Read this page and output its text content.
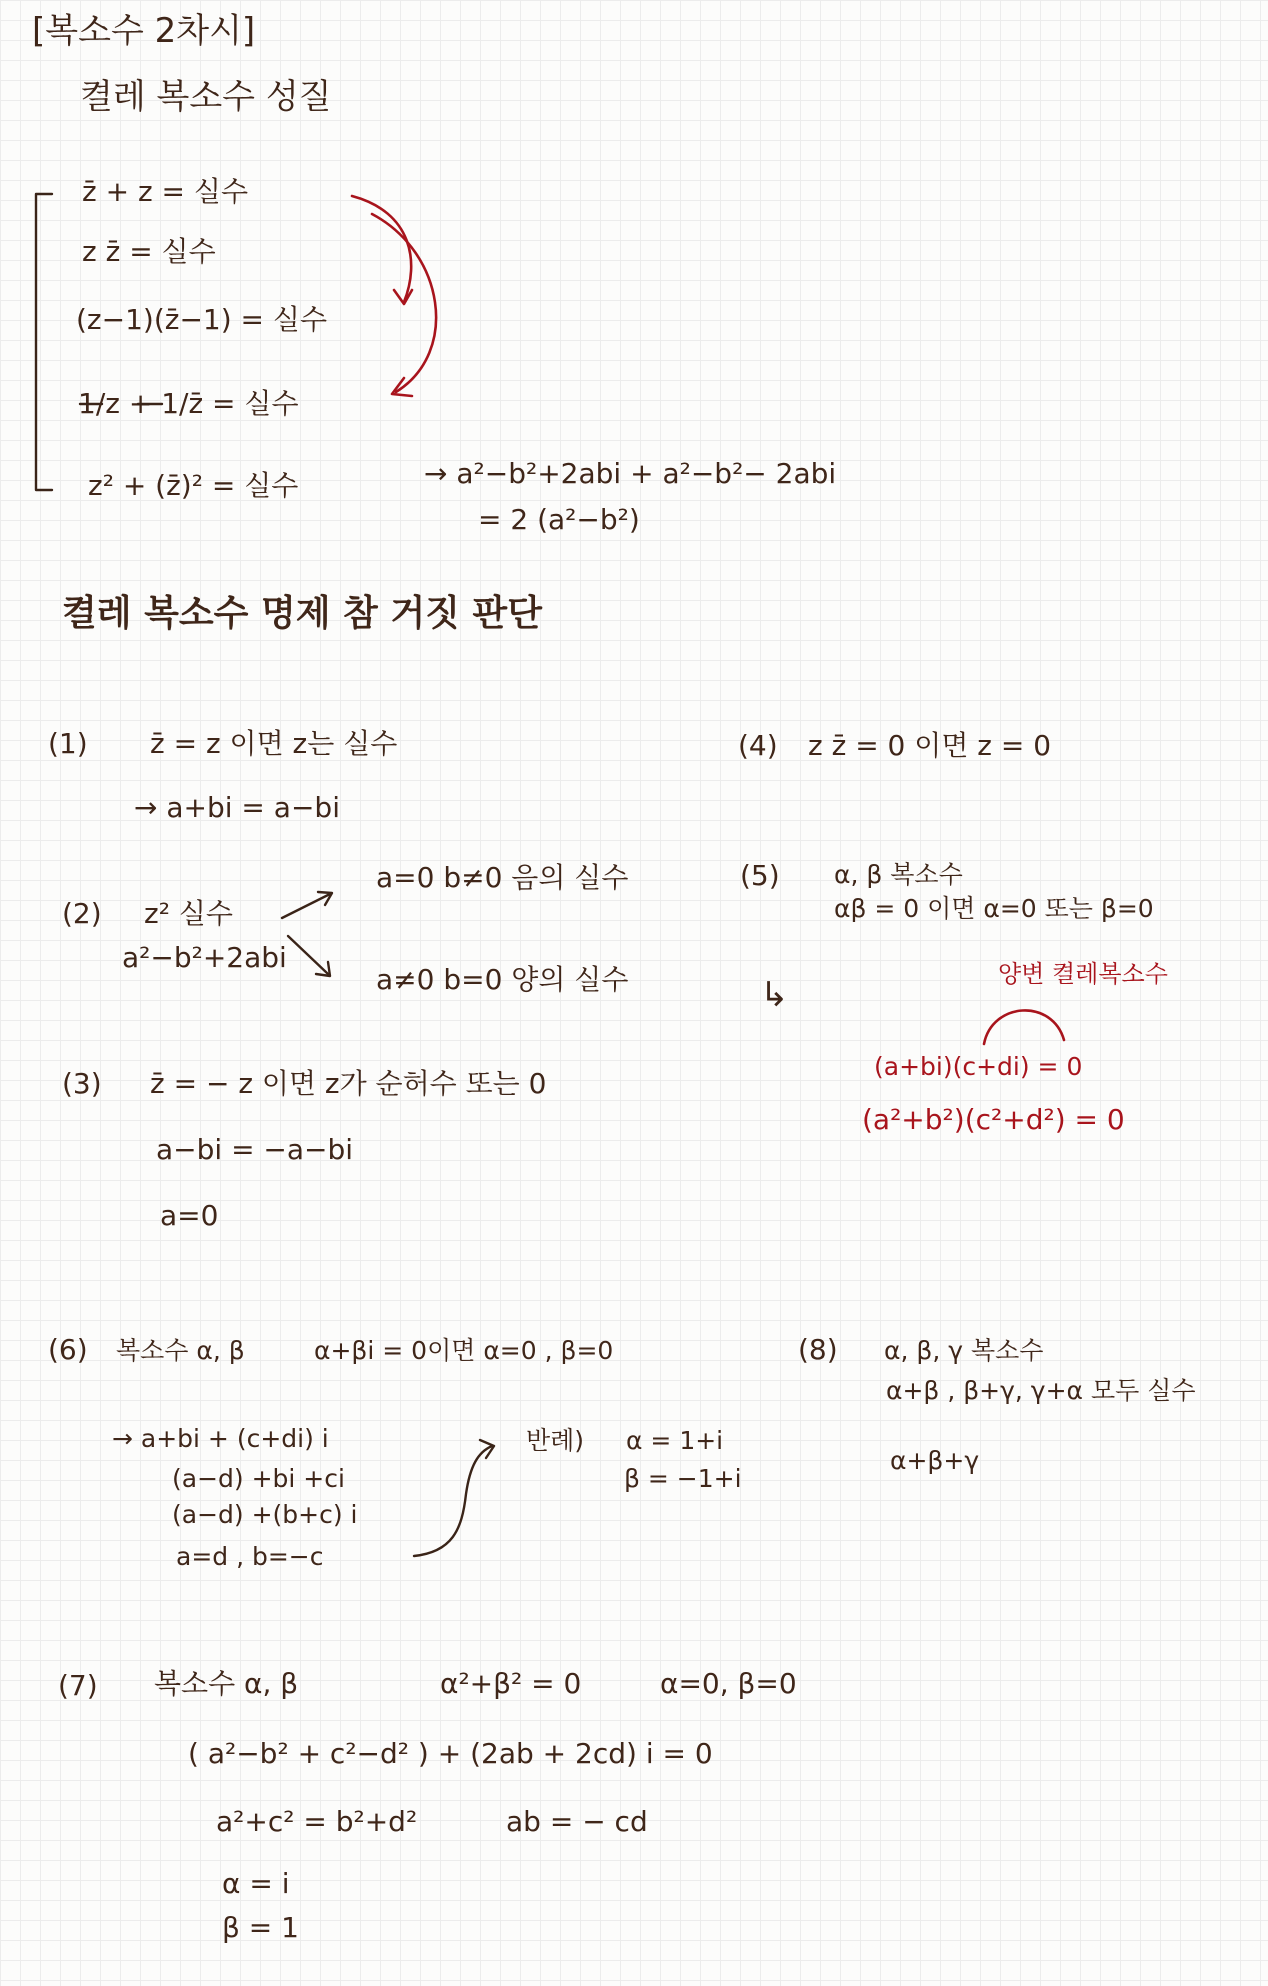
[복소수 2차시]
켤레 복소수 성질
z̄ + z = 실수
z z̄ = 실수
(z−1)(z̄−1) = 실수
1/z + 1/z̄ = 실수
z² + (z̄)² = 실수	→ a²−b²+2abi + a²−b²− 2abi
= 2 (a²−b²)
켤레 복소수 명제 참 거짓 판단
(1) z̄ = z 이면 z는 실수
→ a+bi = a−bi
(4) z z̄ = 0 이면 z = 0
(2) z² 실수
a²−b²+2abi
a=0 b≠0 음의 실수
a≠0 b=0 양의 실수
(5) α, β 복소수
αβ = 0 이면 α=0 또는 β=0
↳
양변 켤레복소수
(a+bi)(c+di) = 0
(a²+b²)(c²+d²) = 0
(3) z̄ = − z 이면 z가 순허수 또는 0
a−bi = −a−bi
a=0
(6) 복소수 α, β	α+βi = 0이면 α=0 , β=0
→ a+bi + (c+di) i
(a−d) +bi +ci
(a−d) +(b+c) i
a=d , b=−c
반례) α = 1+i
β = −1+i
(8) α, β, γ 복소수
α+β , β+γ, γ+α 모두 실수
α+β+γ
(7) 복소수 α, β	α²+β² = 0	α=0, β=0
( a²−b² + c²−d² ) + (2ab + 2cd) i = 0
a²+c² = b²+d²	ab = − cd
α = i
β = 1
